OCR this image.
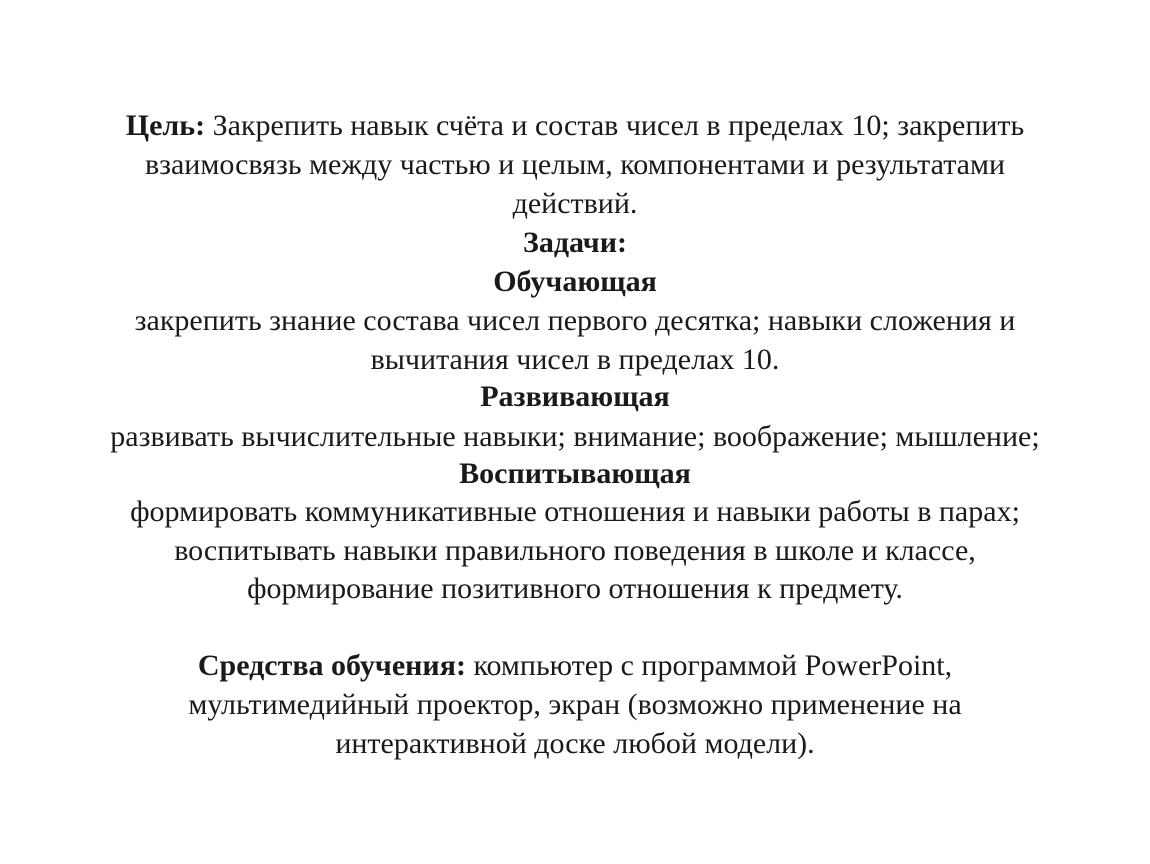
Цель: Закрепить навык счёта и состав чисел в пределах 10; закрепить
взаимосвязь между частью и целым, компонентами и результатами
действий.
Задачи:
Обучающая
закрепить знание состава чисел первого десятка; навыки сложения и
вычитания чисел в пределах 10.
Развивающая
развивать вычислительные навыки; внимание; воображение; мышление;
Воспитывающая
формировать коммуникативные отношения и навыки работы в парах;
воспитывать навыки правильного поведения в школе и классе,
формирование позитивного отношения к предмету.
Средства обучения: компьютер с программой PowerPoint,
мультимедийный проектор, экран (возможно применение на
интерактивной доске любой модели).
